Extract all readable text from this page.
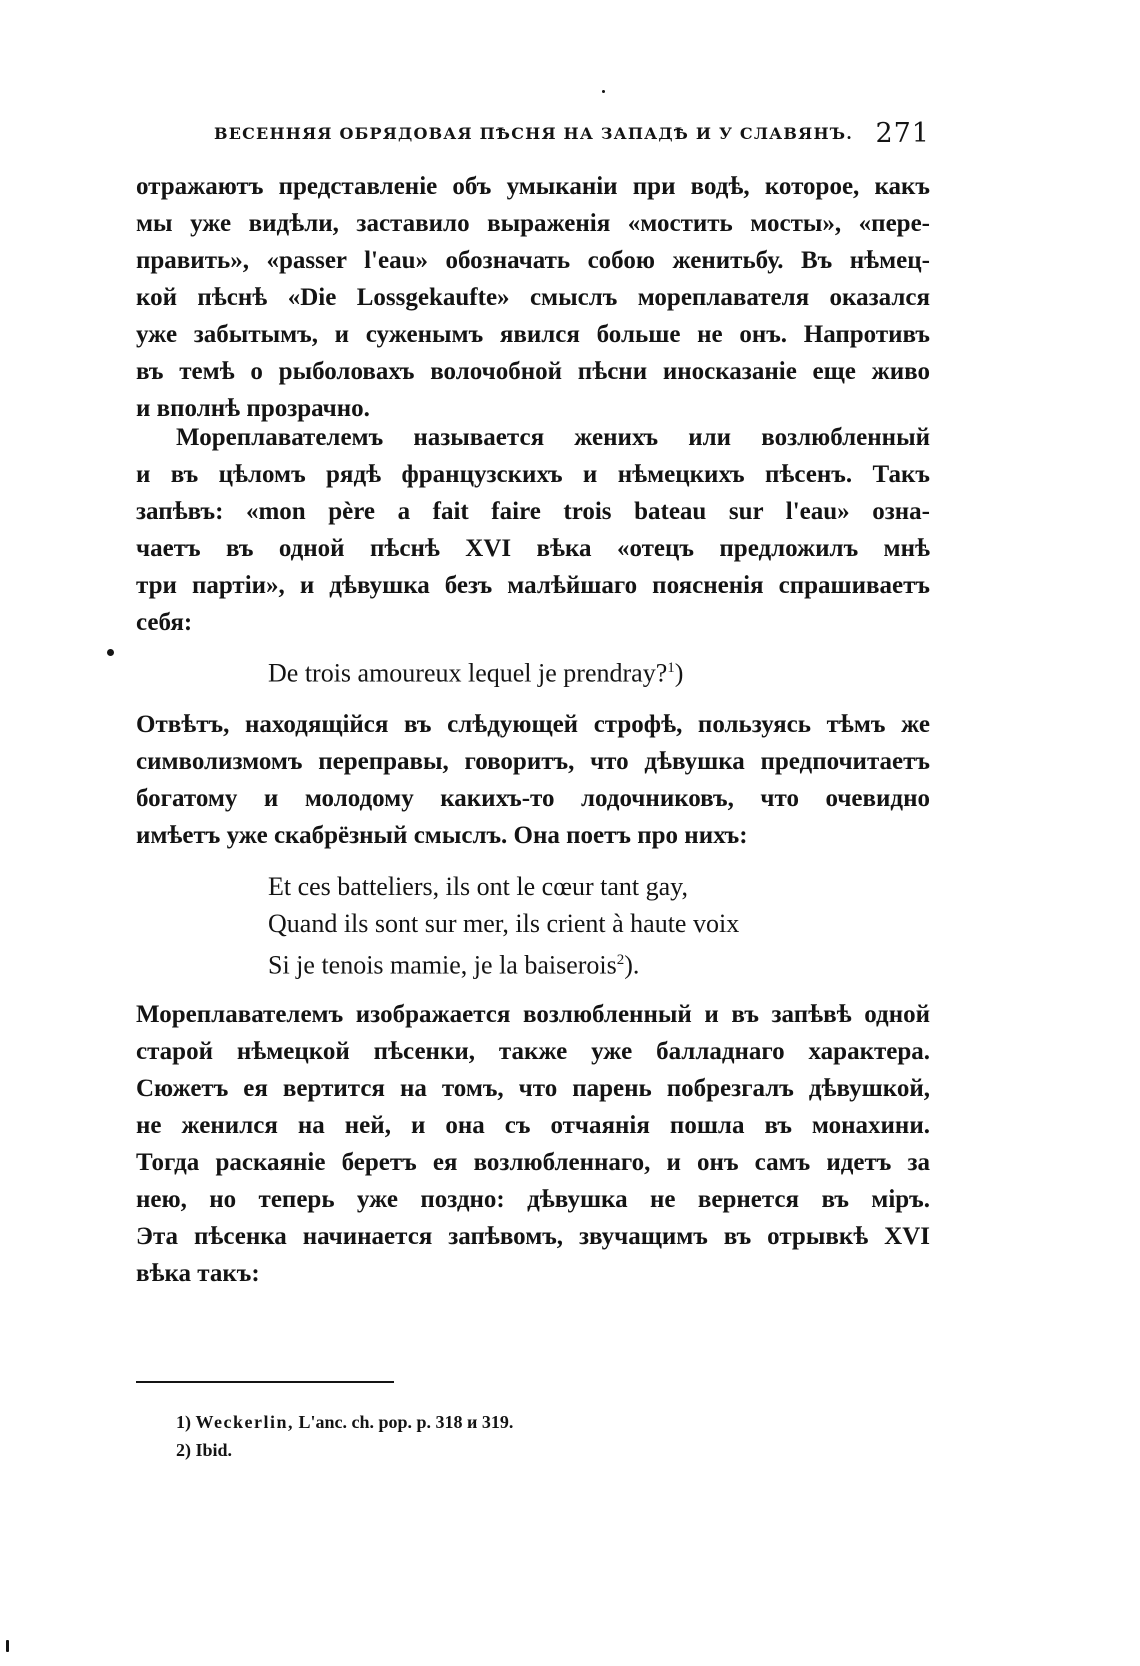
ВЕСЕННЯЯ ОБРЯДОВАЯ ПѢСНЯ НА ЗАПАДѢ И У СЛАВЯНЪ. 271
отражаютъ представленіе объ умыканіи при водѣ, которое, какъ
мы уже видѣли, заставило выраженія «мостить мосты», «пере-
править», «passer l'eau» обозначать собою женитьбу. Въ нѣмец-
кой пѣснѣ «Die Lossgekaufte» смыслъ мореплавателя оказался
уже забытымъ, и суженымъ явился больше не онъ. Напротивъ
въ темѣ о рыболовахъ волочобной пѣсни иносказаніе еще живо
и вполнѣ прозрачно.
Мореплавателемъ называется женихъ или возлюбленный
и въ цѣломъ рядѣ французскихъ и нѣмецкихъ пѣсенъ. Такъ
запѣвъ: «mon père a fait faire trois bateau sur l'eau» озна-
чаетъ въ одной пѣснѣ XVI вѣка «отецъ предложилъ мнѣ
три партіи», и дѣвушка безъ малѣйшаго поясненія спрашиваетъ
себя:
De trois amoureux lequel je prendray?$^1$)
Отвѣтъ, находящійся въ слѣдующей строфѣ, пользуясь тѣмъ же
символизмомъ переправы, говоритъ, что дѣвушка предпочитаетъ
богатому и молодому какихъ-то лодочниковъ, что очевидно
имѣетъ уже скабрёзный смыслъ. Она поетъ про нихъ:
Et ces batteliers, ils ont le cœur tant gay,
Quand ils sont sur mer, ils crient à haute voix
Si je tenois mamie, je la baiserois$^2$).
Мореплавателемъ изображается возлюбленный и въ запѣвѣ одной
старой нѣмецкой пѣсенки, также уже балладнаго характера.
Сюжетъ ея вертится на томъ, что парень побрезгалъ дѣвушкой,
не женился на ней, и она съ отчаянія пошла въ монахини.
Тогда раскаяніе беретъ ея возлюбленнаго, и онъ самъ идетъ за
нею, но теперь уже поздно: дѣвушка не вернется въ міръ.
Эта пѣсенка начинается запѣвомъ, звучащимъ въ отрывкѣ XVI
вѣка такъ:
1) Weckerlin, L'anc. ch. pop. p. 318 и 319.
2) Ibid.
